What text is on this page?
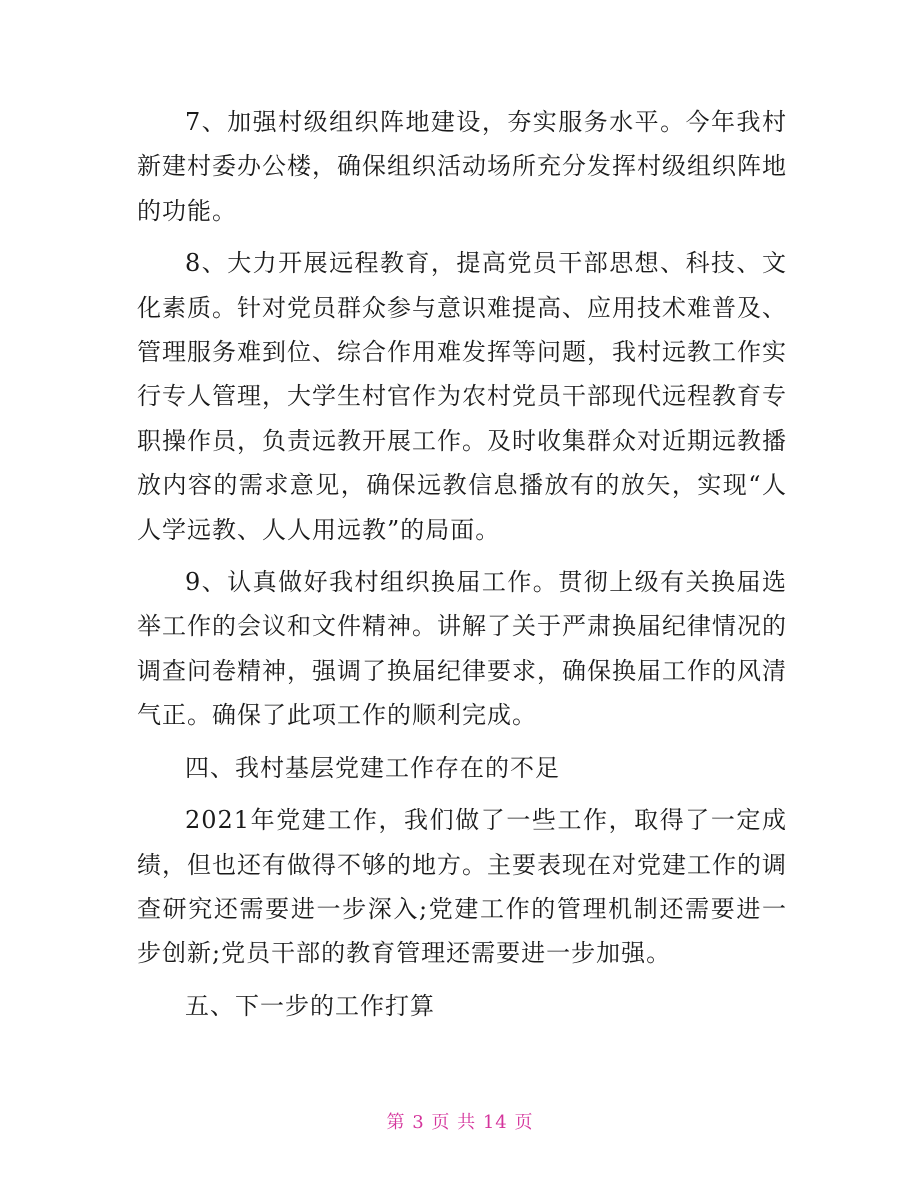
7、加强村级组织阵地建设，夯实服务水平。今年我村新建村委办公楼，确保组织活动场所充分发挥村级组织阵地的功能。

8、大力开展远程教育，提高党员干部思想、科技、文化素质。针对党员群众参与意识难提高、应用技术难普及、管理服务难到位、综合作用难发挥等问题，我村远教工作实行专人管理，大学生村官作为农村党员干部现代远程教育专职操作员，负责远教开展工作。及时收集群众对近期远教播放内容的需求意见，确保远教信息播放有的放矢，实现“人人学远教、人人用远教”的局面。

9、认真做好我村组织换届工作。贯彻上级有关换届选举工作的会议和文件精神。讲解了关于严肃换届纪律情况的调查问卷精神，强调了换届纪律要求，确保换届工作的风清气正。确保了此项工作的顺利完成。

四、我村基层党建工作存在的不足

2021年党建工作，我们做了一些工作，取得了一定成绩，但也还有做得不够的地方。主要表现在对党建工作的调查研究还需要进一步深入;党建工作的管理机制还需要进一步创新;党员干部的教育管理还需要进一步加强。

五、下一步的工作打算

第 3 页 共 14 页
